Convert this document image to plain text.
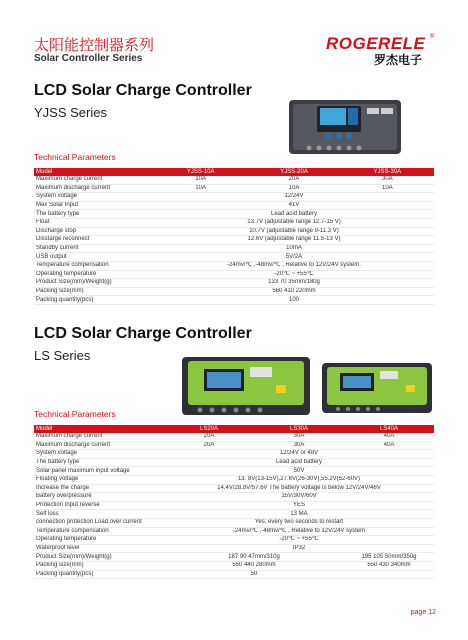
太阳能控制器系列
Solar Controller Series
ROGERELE ®
罗杰电子
LCD Solar Charge Controller
YJSS Series
Technical Parameters
Model	YJSS-10A	YJSS-20A	YJSS-30A
Maximum charge current	10A	20A	30A
Maximum discharge current	10A	10A	10A
System voltage	12/24V		
Max Solar Input	41V		
The battery type	Lead acid battery		
Float	13.7V (adjustable range 12.7-15 V)		
Discharge stop	10.7V (adjustable range 9-11.3 V)		
Disstarge reconnect	12.6V (adjustable range 11.5-13 V)		
Standby current	10mA		
USB output	5V/2A		
Temperature compensation	-24mv/℃ ,-48mv/℃ , Relative to 12V/24V system.		
Operating temperature	-20℃ ~ +55℃		
Product Size(mm)/Weight(g)	133 70 35mm/180g		
Packing size(mm)	560 410 220mm		
Packing quantity(pcs)	100		
LCD Solar Charge Controller
LS Series
Technical Parameters
Model	LS20A	LS30A	LS40A
Maximum charge current	20A	30A	40A
Maximum discharge current	20A	30A	40A
System voltage	12/24V or 48V		
The battery type	Lead acid battery		
Solar panel maximum input voltage	50V		
Floating voltage	13. 8V(13-15V),27.6V(26-30V),55.2V(52-60V)		
Increase the charge	14.4V/28.8V/57.6V The battery voltage is below 12V/24V/48V		
Battery overpressure	15V/30V/60V		
Protection Input reverse	YES		
Self loss	13 MA		
connection protection Load over current	Yes; every two seconds to restart		
Temperature compensation	-24mv/℃ ,-48mv/℃ , Relative to 12V/24V system		
Operating temperature	-20℃ ~ +55℃		
Waterproof level	IP32		
Product Size(mm)/Weight(g)	187 90 47mm/310g		195 105 50mm/350g
Packing size(mm)	550 440 280mm		550 430 340mm
Packing quantity(pcs)	50		
page 12
